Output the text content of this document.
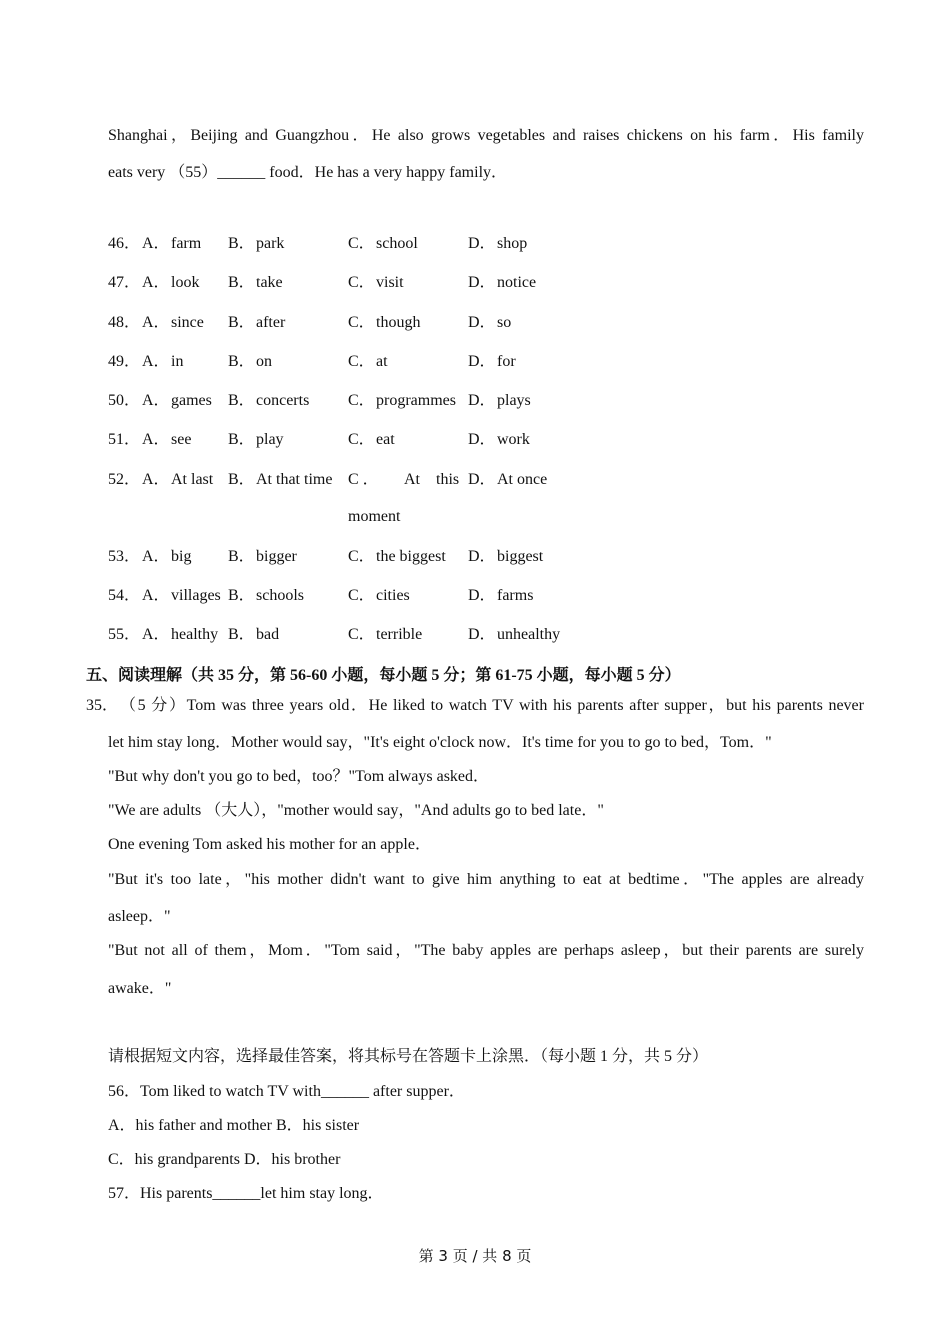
Shanghai，Beijing and Guangzhou．He also grows vegetables and raises chickens on his farm．His family
eats very （55）______ food．He has a very happy family．
46． A． farm B． park	C． school	D． shop
47． A． look B． take	C． visit	D． notice
48． A． since B． after	C． though	D． so
49． A． in	B． on	C． at	D． for
50． A． games B． concerts C． programmes D． plays
51． A． see B． play	C． eat	D． work
52． A． At last B． At that time C ． At    this D． At once
moment
53． A． big B． bigger	C． the biggest D． biggest
54． A． villages B． schools	C． cities	D． farms
55． A． healthy B． bad	C． terrible	D． unhealthy
五、阅读理解（共 35 分，第 56-60 小题，每小题 5 分；第 61-75 小题，每小题 5 分）
35． （5 分）Tom was three years old．He liked to watch TV with his parents after supper，but his parents never
let him stay long．Mother would say，"It's eight o'clock now．It's time for you to go to bed，Tom．"
"But why don't you go to bed，too？"Tom always asked．
"We are adults （大人），"mother would say，"And adults go to bed late．"
One evening Tom asked his mother for an apple．
"But it's too late，"his mother didn't want to give him anything to eat at bedtime．"The apples are already
asleep．"
"But not all of them，Mom．"Tom said，"The baby apples are perhaps asleep，but their parents are surely
awake．"
请根据短文内容，选择最佳答案，将其标号在答题卡上涂黑．（每小题 1 分，共 5 分）
56．Tom liked to watch TV with______ after supper．
A．his father and mother B．his sister
C．his grandparents D．his brother
57．His parents______let him stay long．
第 3 页 / 共 8 页
